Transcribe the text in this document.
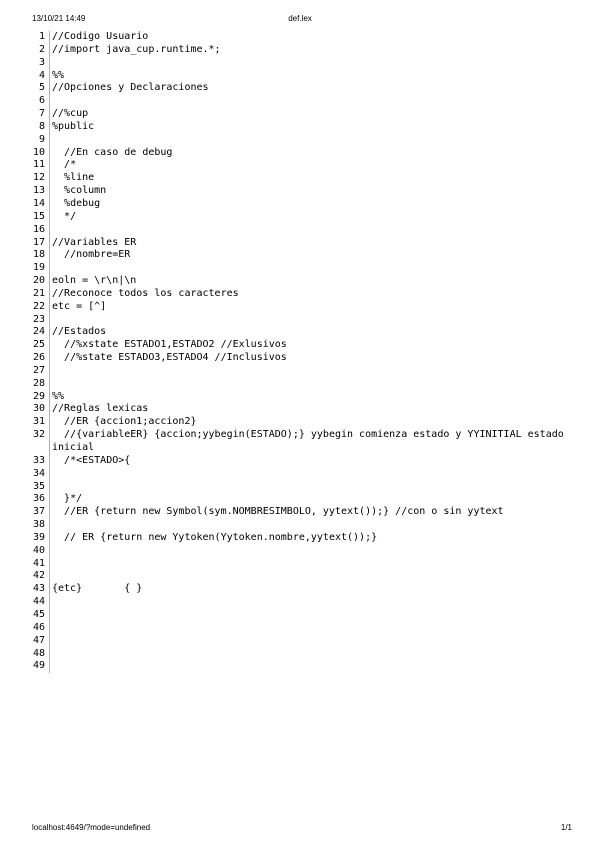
13/10/21 14:49	def.lex
1 //Codigo Usuario
2 //import java_cup.runtime.*;
3
4 %%
5 //Opciones y Declaraciones
6
7 //%cup
8 %public
9
10 //En caso de debug
11 /*
12 %line
13 %column
14 %debug
15 */
16
17 //Variables ER
18 //nombre=ER
19
20 eoln = \r\n|\n
21 //Reconoce todos los caracteres
22 etc = [^]
23
24 //Estados
25 //%xstate ESTADO1,ESTADO2 //Exlusivos
26 //%state ESTADO3,ESTADO4 //Inclusivos
27
28
29 %%
30 //Reglas lexicas
31 //ER {accion1;accion2}
32 //{variableER} {accion;yybegin(ESTADO);} yybegin comienza estado y YYINITIAL estado inicial
33 /*<ESTADO>{
34
35
36 }*/
37 //ER {return new Symbol(sym.NOMBRESIMBOLO, yytext());} //con o sin yytext
38
39 // ER {return new Yytoken(Yytoken.nombre,yytext());}
40
41
42
43 {etc}       { }
44
45
46
47
48
49
localhost:4649/?mode=undefined	1/1
